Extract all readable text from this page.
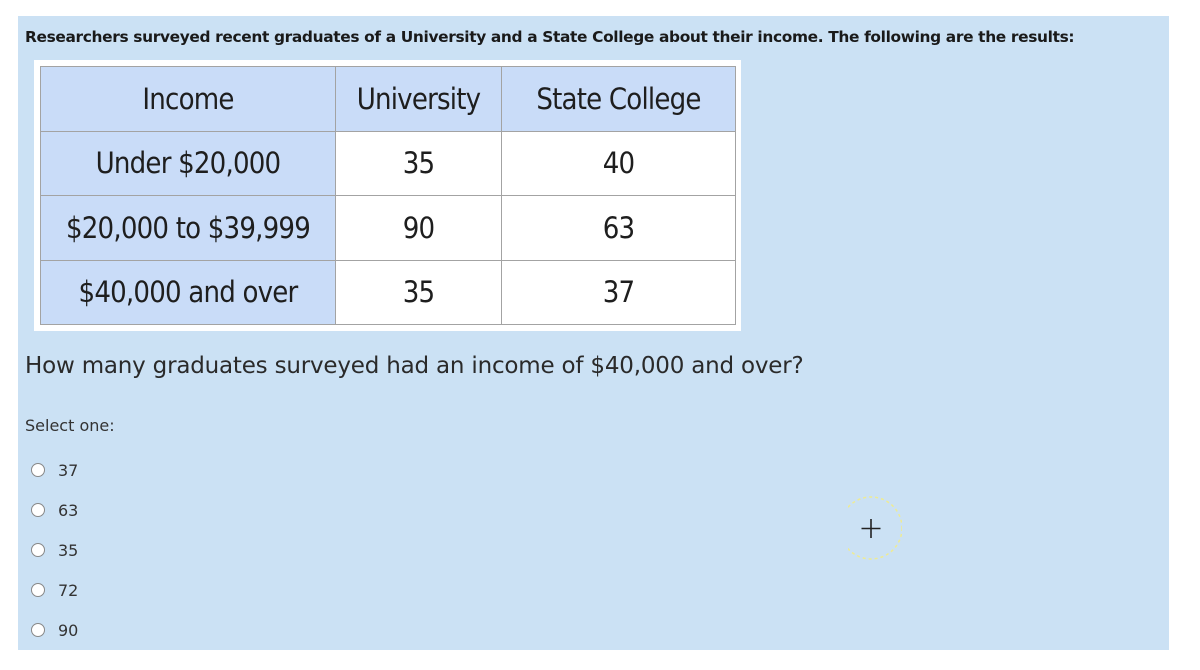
Researchers surveyed recent graduates of a University and a State College about their income. The following are the results:
Income	University	State College
Under $20,000	35	40
$20,000 to $39,999	90	63
$40,000 and over	35	37
How many graduates surveyed had an income of $40,000 and over?
Select one:
37
63
35
72
90
